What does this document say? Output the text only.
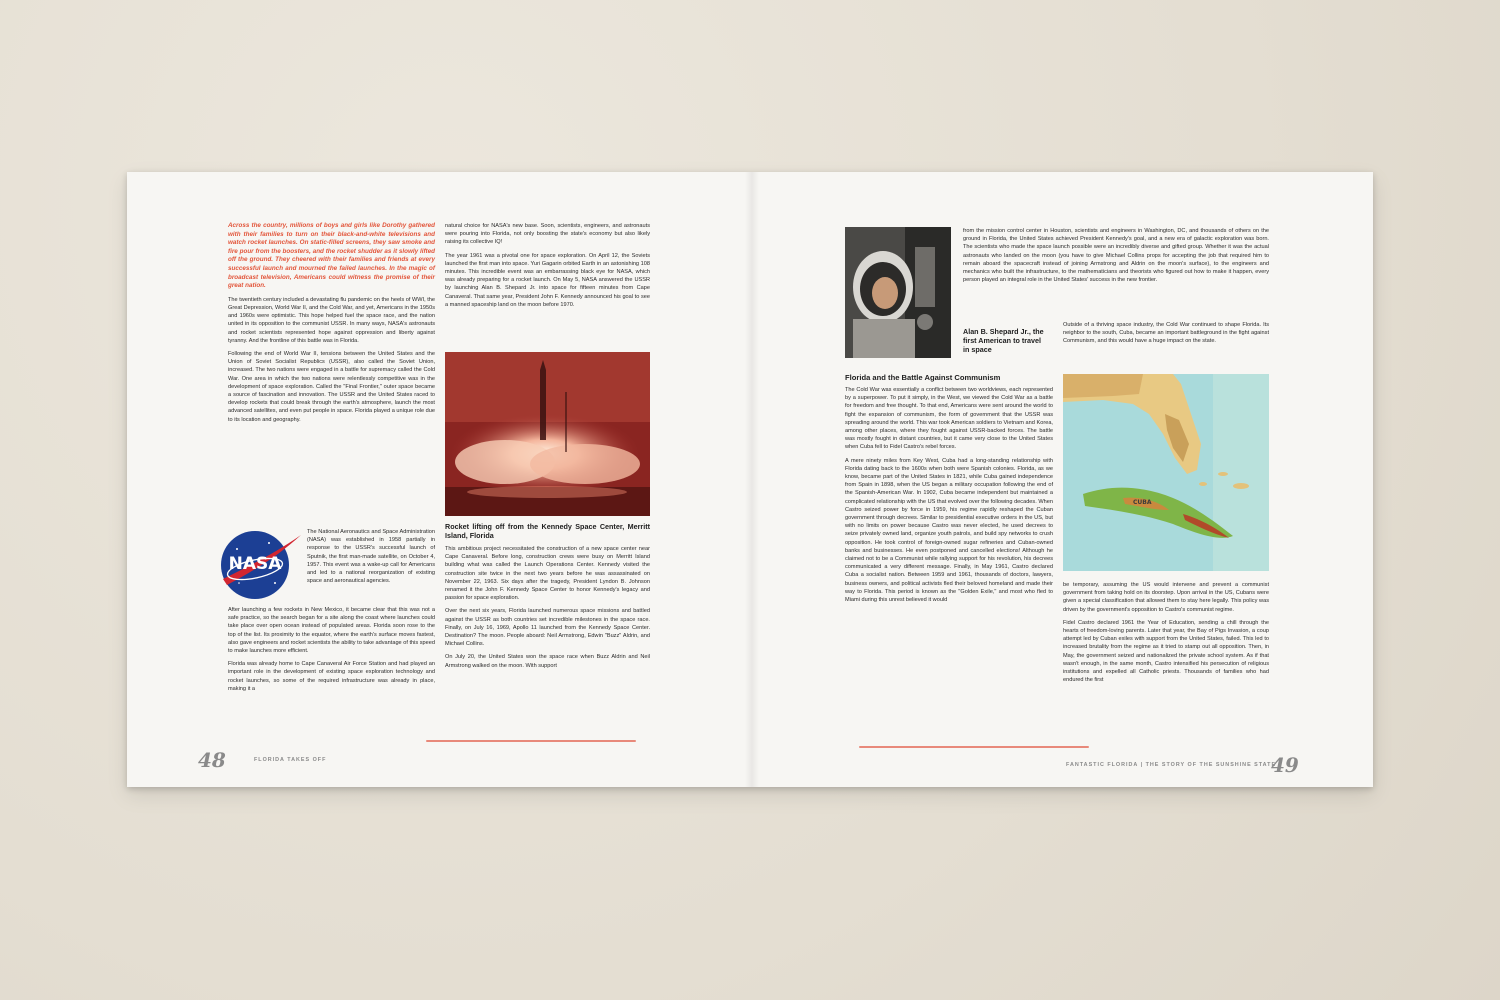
Across the country, millions of boys and girls like Dorothy gathered with their families to turn on their black-and-white televisions and watch rocket launches. On static-filled screens, they saw smoke and fire pour from the boosters, and the rocket shudder as it slowly lifted off the ground. They cheered with their families and friends at every successful launch and mourned the failed launches. In the magic of broadcast television, Americans could witness the promise of their great nation.

The twentieth century included a devastating flu pandemic on the heels of WWI, the Great Depression, World War II, and the Cold War, and yet, Americans in the 1950s and 1960s were optimistic. This hope helped fuel the space race, and the nation united in its opposition to the communist USSR. In many ways, NASA's astronauts and rocket scientists represented hope against oppression and liberty against tyranny. And the frontline of this battle was in Florida.

Following the end of World War II, tensions between the United States and the Union of Soviet Socialist Republics (USSR), also called the Soviet Union, increased. The two nations were engaged in a battle for supremacy called the Cold War. One area in which the two nations were relentlessly competitive was in the development of space exploration. Called the "Final Frontier," outer space became a source of fascination and innovation. The USSR and the United States raced to develop rockets that could break through the earth's atmosphere, launch the most advanced satellites, and even put people in space. Florida played a unique role due to its location and geography.

NASA

The National Aeronautics and Space Administration (NASA) was established in 1958 partially in response to the USSR's successful launch of Sputnik, the first man-made satellite, on October 4, 1957. This event was a wake-up call for Americans and led to a national reorganization of existing space and aeronautical agencies.

After launching a few rockets in New Mexico, it became clear that this was not a safe practice, so the search began for a site along the coast where launches could take place over open ocean instead of populated areas. Florida soon rose to the top of the list. Its proximity to the equator, where the earth's surface moves fastest, also gave engineers and rocket scientists the ability to take advantage of this speed to make launches more efficient.

Florida was already home to Cape Canaveral Air Force Station and had played an important role in the development of existing space exploration technology and rocket launches, so some of the required infrastructure was already in place, making it a

natural choice for NASA's new base. Soon, scientists, engineers, and astronauts were pouring into Florida, not only boosting the state's economy but also likely raising its collective IQ!

The year 1961 was a pivotal one for space exploration. On April 12, the Soviets launched the first man into space. Yuri Gagarin orbited Earth in an astonishing 108 minutes. This incredible event was an embarrassing black eye for NASA, which was already preparing for a rocket launch. On May 5, NASA answered the USSR by launching Alan B. Shepard Jr. into space for fifteen minutes from Cape Canaveral. That same year, President John F. Kennedy announced his goal to see a manned spaceship land on the moon before 1970.

Rocket lifting off from the Kennedy Space Center, Merritt Island, Florida

This ambitious project necessitated the construction of a new space center near Cape Canaveral. Before long, construction crews were busy on Merritt Island building what was called the Launch Operations Center. Kennedy visited the construction site twice in the next two years before he was assassinated on November 22, 1963. Six days after the tragedy, President Lyndon B. Johnson renamed it the John F. Kennedy Space Center to honor Kennedy's legacy and passion for space exploration.

Over the next six years, Florida launched numerous space missions and battled against the USSR as both countries set incredible milestones in the space race. Finally, on July 16, 1969, Apollo 11 launched from the Kennedy Space Center. Destination? The moon. People aboard: Neil Armstrong, Edwin "Buzz" Aldrin, and Michael Collins.

On July 20, the United States won the space race when Buzz Aldrin and Neil Armstrong walked on the moon. With support

48	FLORIDA TAKES OFF
Alan B. Shepard Jr., the first American to travel in space

from the mission control center in Houston, scientists and engineers in Washington, DC, and thousands of others on the ground in Florida, the United States achieved President Kennedy's goal, and a new era of galactic exploration was born. The scientists who made the space launch possible were an incredibly diverse and gifted group. Whether it was the actual astronauts who landed on the moon (you have to give Michael Collins props for accepting the job that required him to remain aboard the spacecraft instead of joining Armstrong and Aldrin on the moon's surface), to the engineers and mechanics who built the infrastructure, to the mathematicians and theorists who figured out how to make it happen, every person played an integral role in the United States' success in the new frontier.

Outside of a thriving space industry, the Cold War continued to shape Florida. Its neighbor to the south, Cuba, became an important battleground in the fight against Communism, and this would have a huge impact on the state.

Florida and the Battle Against Communism

The Cold War was essentially a conflict between two worldviews, each represented by a superpower. To put it simply, in the West, we viewed the Cold War as a battle for freedom and free thought. To that end, Americans were sent around the world to fight the expansion of communism, the form of government that the USSR was spreading around the world. This war took American soldiers to Vietnam and Korea, among other places, where they fought against USSR-backed forces. The battle was mostly fought in distant countries, but it came very close to the United States when Cuba fell to Fidel Castro's rebel forces.

A mere ninety miles from Key West, Cuba had a long-standing relationship with Florida dating back to the 1600s when both were Spanish colonies. Florida, as we know, became part of the United States in 1821, while Cuba gained independence from Spain in 1898, when the US began a military occupation following the end of the Spanish-American War. In 1902, Cuba became independent but maintained a complicated relationship with the US that evolved over the following decades. When Castro seized power by force in 1959, his regime rapidly reshaped the Cuban government through decrees. Similar to presidential executive orders in the US, but with no limits on power because Castro was never elected, he used decrees to seize privately owned land, organize youth patrols, and build spy networks to crush opposition. He took control of foreign-owned sugar refineries and Cuban-owned banks and businesses. He even postponed and cancelled elections! Although he claimed not to be a Communist while rallying support for his revolution, his decrees communicated a very different message. Finally, in May 1961, Castro declared Cuba a socialist nation. Between 1959 and 1961, thousands of doctors, lawyers, business owners, and political activists fled their beloved homeland and made their way to Florida. This period is known as the "Golden Exile," and most who fled to Miami during this unrest believed it would

CUBA

be temporary, assuming the US would intervene and prevent a communist government from taking hold on its doorstep. Upon arrival in the US, Cubans were given a special classification that allowed them to stay here legally. This policy was driven by the government's opposition to Castro's communist regime.

Fidel Castro declared 1961 the Year of Education, sending a chill through the hearts of freedom-loving parents. Later that year, the Bay of Pigs Invasion, a coup attempt led by Cuban exiles with support from the United States, failed. This led to increased brutality from the regime as it tried to stamp out all opposition. Then, in May, the government seized and nationalized the private school system. As if that wasn't enough, in the same month, Castro intensified his persecution of religious institutions and expelled all Catholic priests. Thousands of families who had endured the first

FANTASTIC FLORIDA | THE STORY OF THE SUNSHINE STATE
49
